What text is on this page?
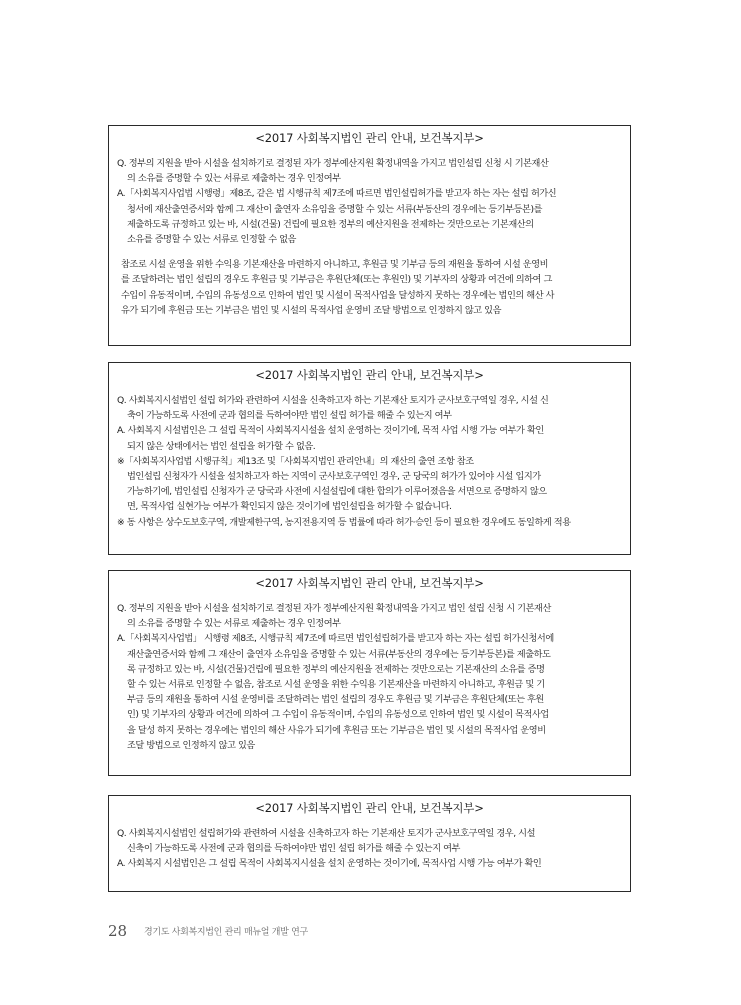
<2017 사회복지법인 관리 안내, 보건복지부>
Q. 정부의 지원을 받아 시설을 설치하기로 결정된 자가 정부예산지원 확정내역을 가지고 법인설립 신청 시 기본재산
의 소유를 증명할 수 있는 서류로 제출하는 경우 인정여부
A.「사회복지사업법 시행령」제8조, 같은 법 시행규칙 제7조에 따르면 법인설립허가를 받고자 하는 자는 설립 허가신
청서에 재산출연증서와 함께 그 재산이 출연자 소유임을 증명할 수 있는 서류(부동산의 경우에는 등기부등본)를
제출하도록 규정하고 있는 바, 시설(건물) 건립에 필요한 정부의 예산지원을 전제하는 것만으로는 기본재산의
소유를 증명할 수 있는 서류로 인정할 수 없음
참조로 시설 운영을 위한 수익용 기본재산을 마련하지 아니하고, 후원금 및 기부금 등의 재원을 통하여 시설 운영비
를 조달하려는 법인 설립의 경우도 후원금 및 기부금은 후원단체(또는 후원인) 및 기부자의 상황과 여건에 의하여 그
수입이 유동적이며, 수입의 유동성으로 인하여 법인 및 시설이 목적사업을 달성하지 못하는 경우에는 법인의 해산 사
유가 되기에 후원금 또는 기부금은 법인 및 시설의 목적사업 운영비 조달 방법으로 인정하지 않고 있음
<2017 사회복지법인 관리 안내, 보건복지부>
Q. 사회복지시설법인 설립 허가와 관련하여 시설을 신축하고자 하는 기본재산 토지가 군사보호구역일 경우, 시설 신
축이 가능하도록 사전에 군과 협의를 득하여야만 법인 설립 허가를 해줄 수 있는지 여부
A. 사회복지 시설법인은 그 설립 목적이 사회복지시설을 설치 운영하는 것이기에, 목적 사업 시행 가능 여부가 확인
되지 않은 상태에서는 법인 설립을 허가할 수 없음.
※「사회복지사업법 시행규칙」제13조 및「사회복지법인 관리안내」의 재산의 출연 조항 참조
법인설립 신청자가 시설을 설치하고자 하는 지역이 군사보호구역인 경우, 군 당국의 허가가 있어야 시설 입지가
가능하기에, 법인설립 신청자가 군 당국과 사전에 시설설립에 대한 합의가 이루어졌음을 서면으로 증명하지 않으
면, 목적사업 실현가능 여부가 확인되지 않은 것이기에 법인설립을 허가할 수 없습니다.
※ 동 사항은 상수도보호구역, 개발제한구역, 농지전용지역 등 법률에 따라 허가·승인 등이 필요한 경우에도 동일하게 적용
<2017 사회복지법인 관리 안내, 보건복지부>
Q. 정부의 지원을 받아 시설을 설치하기로 결정된 자가 정부예산지원 확정내역을 가지고 법인 설립 신청 시 기본재산
의 소유를 증명할 수 있는 서류로 제출하는 경우 인정여부
A.「사회복지사업법」 시행령 제8조, 시행규칙 제7조에 따르면 법인설립허가를 받고자 하는 자는 설립 허가신청서에
재산출연증서와 함께 그 재산이 출연자 소유임을 증명할 수 있는 서류(부동산의 경우에는 등기부등본)를 제출하도
록 규정하고 있는 바, 시설(건물)건립에 필요한 정부의 예산지원을 전제하는 것만으로는 기본재산의 소유를 증명
할 수 있는 서류로 인정할 수 없음, 참조로 시설 운영을 위한 수익용 기본재산을 마련하지 아니하고, 후원금 및 기
부금 등의 재원을 통하여 시설 운영비를 조달하려는 법인 설립의 경우도 후원금 및 기부금은 후원단체(또는 후원
인) 및 기부자의 상황과 여건에 의하여 그 수입이 유동적이며, 수입의 유동성으로 인하여 법인 및 시설이 목적사업
을 달성 하지 못하는 경우에는 법인의 해산 사유가 되기에 후원금 또는 기부금은 법인 및 시설의 목적사업 운영비
조달 방법으로 인정하지 않고 있음
<2017 사회복지법인 관리 안내, 보건복지부>
Q. 사회복지시설법인 설립허가와 관련하여 시설을 신축하고자 하는 기본재산 토지가 군사보호구역일 경우, 시설
신축이 가능하도록 사전에 군과 협의를 득하여야만 법인 설립 허가를 해줄 수 있는지 여부
A. 사회복지 시설법인은 그 설립 목적이 사회복지시설을 설치 운영하는 것이기에, 목적사업 시행 가능 여부가 확인
28 경기도 사회복지법인 관리 매뉴얼 개발 연구
